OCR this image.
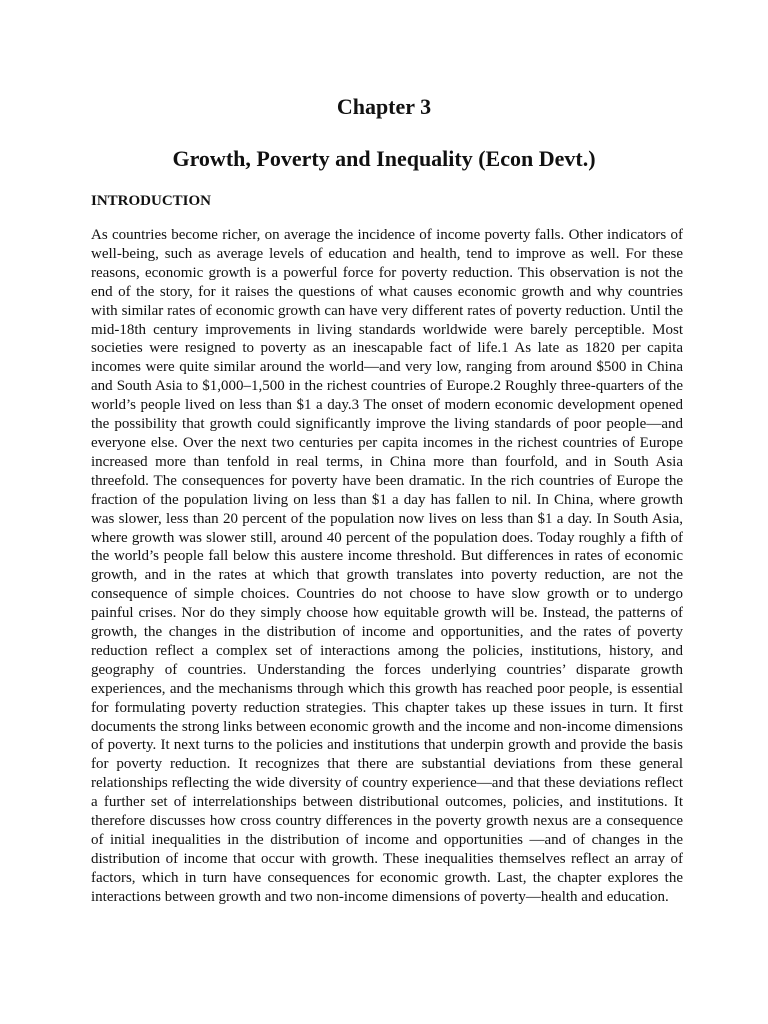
Chapter 3
Growth, Poverty and Inequality (Econ Devt.)
INTRODUCTION

As countries become richer, on average the incidence of income poverty falls. Other indicators of well-being, such as average levels of education and health, tend to improve as well. For these reasons, economic growth is a powerful force for poverty reduction. This observation is not the end of the story, for it raises the questions of what causes economic growth and why countries with similar rates of economic growth can have very different rates of poverty reduction. Until the mid-18th century improvements in living standards worldwide were barely perceptible. Most societies were resigned to poverty as an inescapable fact of life.1 As late as 1820 per capita incomes were quite similar around the world—and very low, ranging from around $500 in China and South Asia to $1,000–1,500 in the richest countries of Europe.2 Roughly three-quarters of the world’s people lived on less than $1 a day.3 The onset of modern economic development opened the possibility that growth could significantly improve the living standards of poor people—and everyone else. Over the next two centuries per capita incomes in the richest countries of Europe increased more than tenfold in real terms, in China more than fourfold, and in South Asia threefold. The consequences for poverty have been dramatic. In the rich countries of Europe the fraction of the population living on less than $1 a day has fallen to nil. In China, where growth was slower, less than 20 percent of the population now lives on less than $1 a day. In South Asia, where growth was slower still, around 40 percent of the population does. Today roughly a fifth of the world’s people fall below this austere income threshold. But differences in rates of economic growth, and in the rates at which that growth translates into poverty reduction, are not the consequence of simple choices. Countries do not choose to have slow growth or to undergo painful crises. Nor do they simply choose how equitable growth will be. Instead, the patterns of growth, the changes in the distribution of income and opportunities, and the rates of poverty reduction reflect a complex set of interactions among the policies, institutions, history, and geography of countries. Understanding the forces underlying countries’ disparate growth experiences, and the mechanisms through which this growth has reached poor people, is essential for formulating poverty reduction strategies. This chapter takes up these issues in turn. It first documents the strong links between economic growth and the income and non-income dimensions of poverty. It next turns to the policies and institutions that underpin growth and provide the basis for poverty reduction. It recognizes that there are substantial deviations from these general relationships reflecting the wide diversity of country experience—and that these deviations reflect a further set of interrelationships between distributional outcomes, policies, and institutions. It therefore discusses how cross country differences in the poverty growth nexus are a consequence of initial inequalities in the distribution of income and opportunities —and of changes in the distribution of income that occur with growth. These inequalities themselves reflect an array of factors, which in turn have consequences for economic growth. Last, the chapter explores the interactions between growth and two non-income dimensions of poverty—health and education.
